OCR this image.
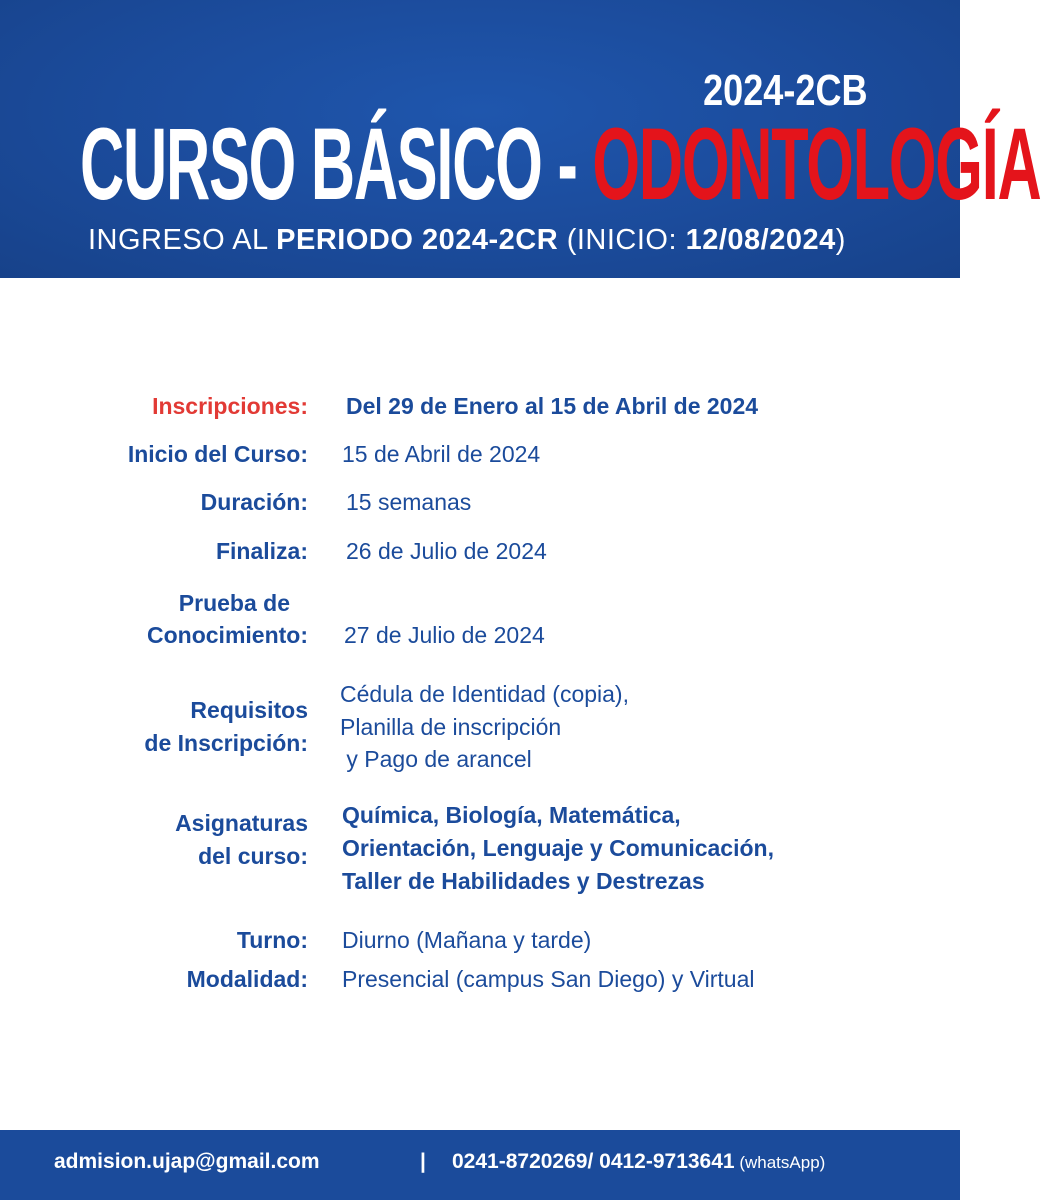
2024-2CB
CURSO BÁSICO - ODONTOLOGÍA
INGRESO AL PERIODO 2024-2CR (INICIO: 12/08/2024)
Inscripciones: Del 29 de Enero al 15 de Abril de 2024
Inicio del Curso: 15 de Abril de 2024
Duración: 15 semanas
Finaliza: 26 de Julio de 2024
Prueba de
Conocimiento: 27 de Julio de 2024
Requisitos
de Inscripción:
Cédula de Identidad (copia),
Planilla de inscripción
y Pago de arancel
Asignaturas
del curso:
Química, Biología, Matemática,
Orientación, Lenguaje y Comunicación,
Taller de Habilidades y Destrezas
Turno: Diurno (Mañana y tarde)
Modalidad: Presencial (campus San Diego) y Virtual
admision.ujap@gmail.com	| 0241-8720269/ 0412-9713641 (whatsApp)
